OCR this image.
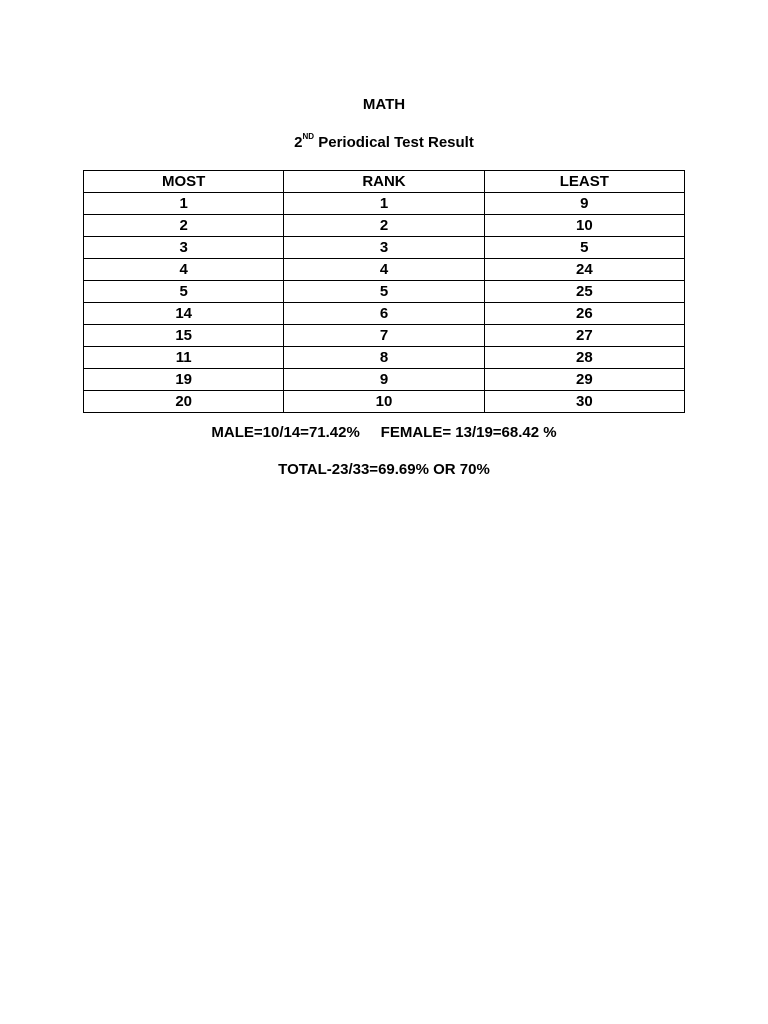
MATH
2ND Periodical Test Result
MOST	RANK	LEAST
1	1	9
2	2	10
3	3	5
4	4	24
5	5	25
14	6	26
15	7	27
11	8	28
19	9	29
20	10	30
MALE=10/14=71.42% FEMALE= 13/19=68.42 %
TOTAL-23/33=69.69% OR 70%
